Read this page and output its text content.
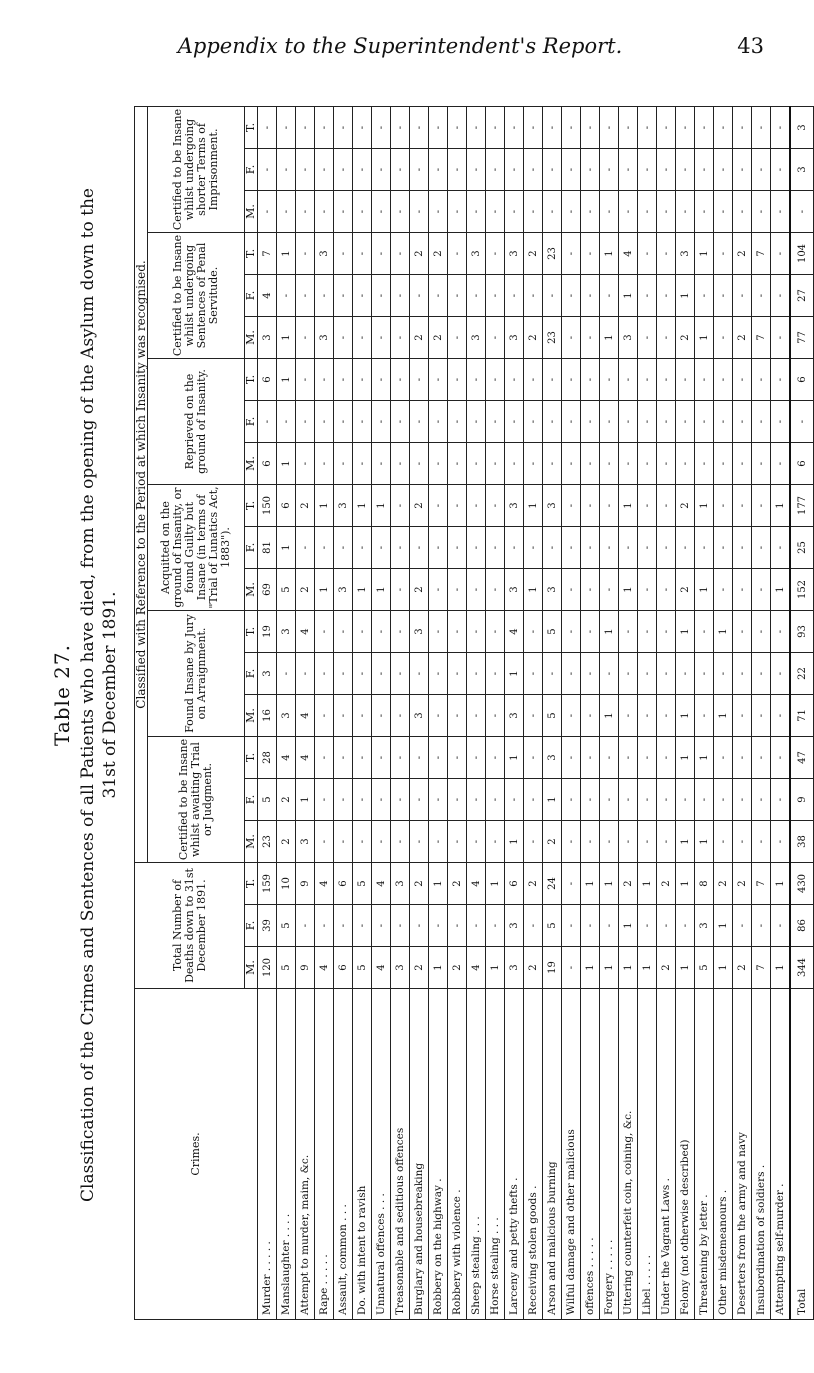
Appendix to the Superintendent's Report.	43
Table 27. Classification of the Crimes and Sentences of all Patients who have died, from the opening of the Asylum down to the 31st of December 1891.
Crimes.	Total Number of Deaths down to 31st December 1891.			Classified with Reference to the Period at which Insanity was recognised.																	
				Certified to be Insane whilst awaiting Trial or Judgment.			Found Insane by Jury on Arraignment.			Acquitted on the ground of Insanity, or found Guilty but Insane (in terms of "Trial of Lunatics Act, 1883").			Reprieved on the ground of Insanity.			Certified to be Insane whilst undergoing Sentences of Penal Servitude.			Certified to be Insane whilst undergoing shorter Terms of Imprisonment.		
	M.	F.	T.	M.	F.	T.	M.	F.	T.	M.	F.	T.	M.	F.	T.	M.	F.	T.	M.	F.	T.
Murder . . . . .	120	39	159	23	5	28	16	3	19	69	81	150	6	-	6	3	4	7	-	-	-
Manslaughter . . . .	5	5	10	2	2	4	3	-	3	5	1	6	1	-	1	1	-	1	-	-	-
Attempt to murder, maim, &c.	9	-	9	3	1	4	4	-	4	2	-	2	-	-	-	-	-	-	-	-	-
Rape . . . . .	4	-	4	-	-	-	-	-	-	1	-	1	-	-	-	3	-	3	-	-	-
Assault, common . . .	6	-	6	-	-	-	-	-	-	3	-	3	-	-	-	-	-	-	-	-	-
Do. with intent to ravish	5	-	5	-	-	-	-	-	-	1	-	1	-	-	-	-	-	-	-	-	-
Unnatural offences . . .	4	-	4	-	-	-	-	-	-	1	-	1	-	-	-	-	-	-	-	-	-
Treasonable and seditious offences	3	-	3	-	-	-	-	-	-	-	-	-	-	-	-	-	-	-	-	-	-
Burglary and housebreaking	2	-	2	-	-	-	3	-	3	2	-	2	-	-	-	2	-	2	-	-	-
Robbery on the highway .	1	-	1	-	-	-	-	-	-	-	-	-	-	-	-	2	-	2	-	-	-
Robbery with violence .	2	-	2	-	-	-	-	-	-	-	-	-	-	-	-	-	-	-	-	-	-
Sheep stealing . . .	4	-	4	-	-	-	-	-	-	-	-	-	-	-	-	3	-	3	-	-	-
Horse stealing . . .	1	-	1	-	-	-	-	-	-	-	-	-	-	-	-	-	-	-	-	-	-
Larceny and petty thefts .	3	3	6	1	-	1	3	1	4	3	-	3	-	-	-	3	-	3	-	-	-
Receiving stolen goods .	2	-	2	-	-	-	-	-	-	1	-	1	-	-	-	2	-	2	-	-	-
Arson and malicious burning	19	5	24	2	1	3	5	-	5	3	-	3	-	-	-	23	-	23	-	-	-
Wilful damage and other malicious	-	-	-	-	-	-	-	-	-	-	-	-	-	-	-	-	-	-	-	-	-
offences . . . . .	1	-	1	-	-	-	-	-	-	-	-	-	-	-	-	-	-	-	-	-	-
Forgery . . . . .	1	-	1	-	-	-	1	-	1	-	-	-	-	-	-	1	-	1	-	-	-
Uttering counterfeit coin, coining, &c.	1	1	2	-	-	-	-	-	-	1	-	1	-	-	-	3	1	4	-	-	-
Libel . . . . .	1	-	1	-	-	-	-	-	-	-	-	-	-	-	-	-	-	-	-	-	-
Under the Vagrant Laws .	2	-	2	-	-	-	-	-	-	-	-	-	-	-	-	-	-	-	-	-	-
Felony (not otherwise described)	1	-	1	1	-	1	1	-	1	2	-	2	-	-	-	2	1	3	-	-	-
Threatening by letter .	5	3	8	1	-	1	-	-	-	1	-	1	-	-	-	1	-	1	-	-	-
Other misdemeanours .	1	1	2	-	-	-	1	-	1	-	-	-	-	-	-	-	-	-	-	-	-
Deserters from the army and navy	2	-	2	-	-	-	-	-	-	-	-	-	-	-	-	2	-	2	-	-	-
Insubordination of soldiers .	7	-	7	-	-	-	-	-	-	-	-	-	-	-	-	7	-	7	-	-	-
Attempting self-murder .	1	-	1	-	-	-	-	-	-	1	-	1	-	-	-	-	-	-	-	-	-
Total	344	86	430	38	9	47	71	22	93	152	25	177	6	-	6	77	27	104	-	3	3
